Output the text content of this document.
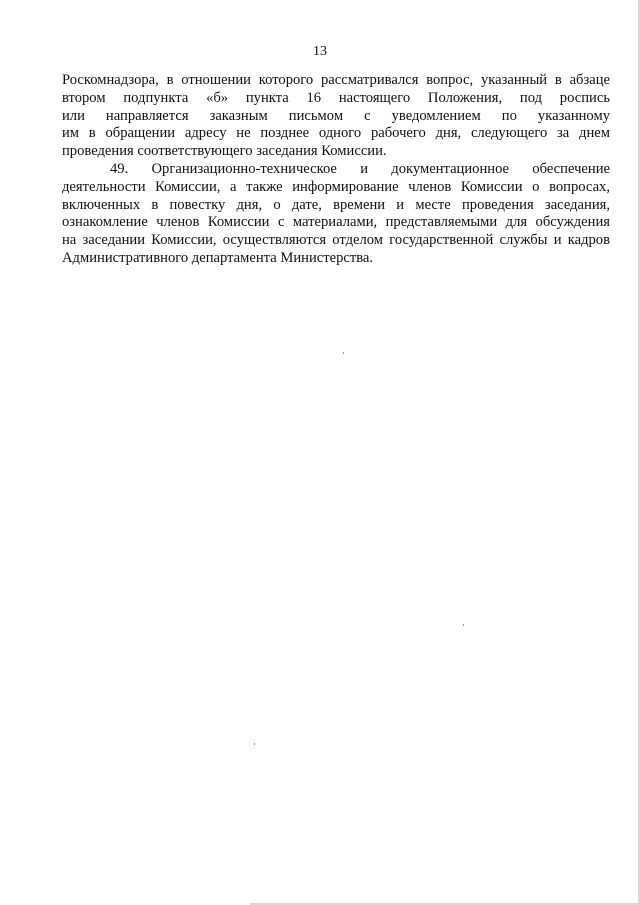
13
Роскомнадзора, в отношении которого рассматривался вопрос, указанный в абзаце
втором подпункта «б» пункта 16 настоящего Положения, под роспись
или направляется заказным письмом с уведомлением по указанному
им в обращении адресу не позднее одного рабочего дня, следующего за днем
проведения соответствующего заседания Комиссии.
49. Организационно-техническое и документационное обеспечение
деятельности Комиссии, а также информирование членов Комиссии о вопросах,
включенных в повестку дня, о дате, времени и месте проведения заседания,
ознакомление членов Комиссии с материалами, представляемыми для обсуждения
на заседании Комиссии, осуществляются отделом государственной службы и кадров
Административного департамента Министерства.
